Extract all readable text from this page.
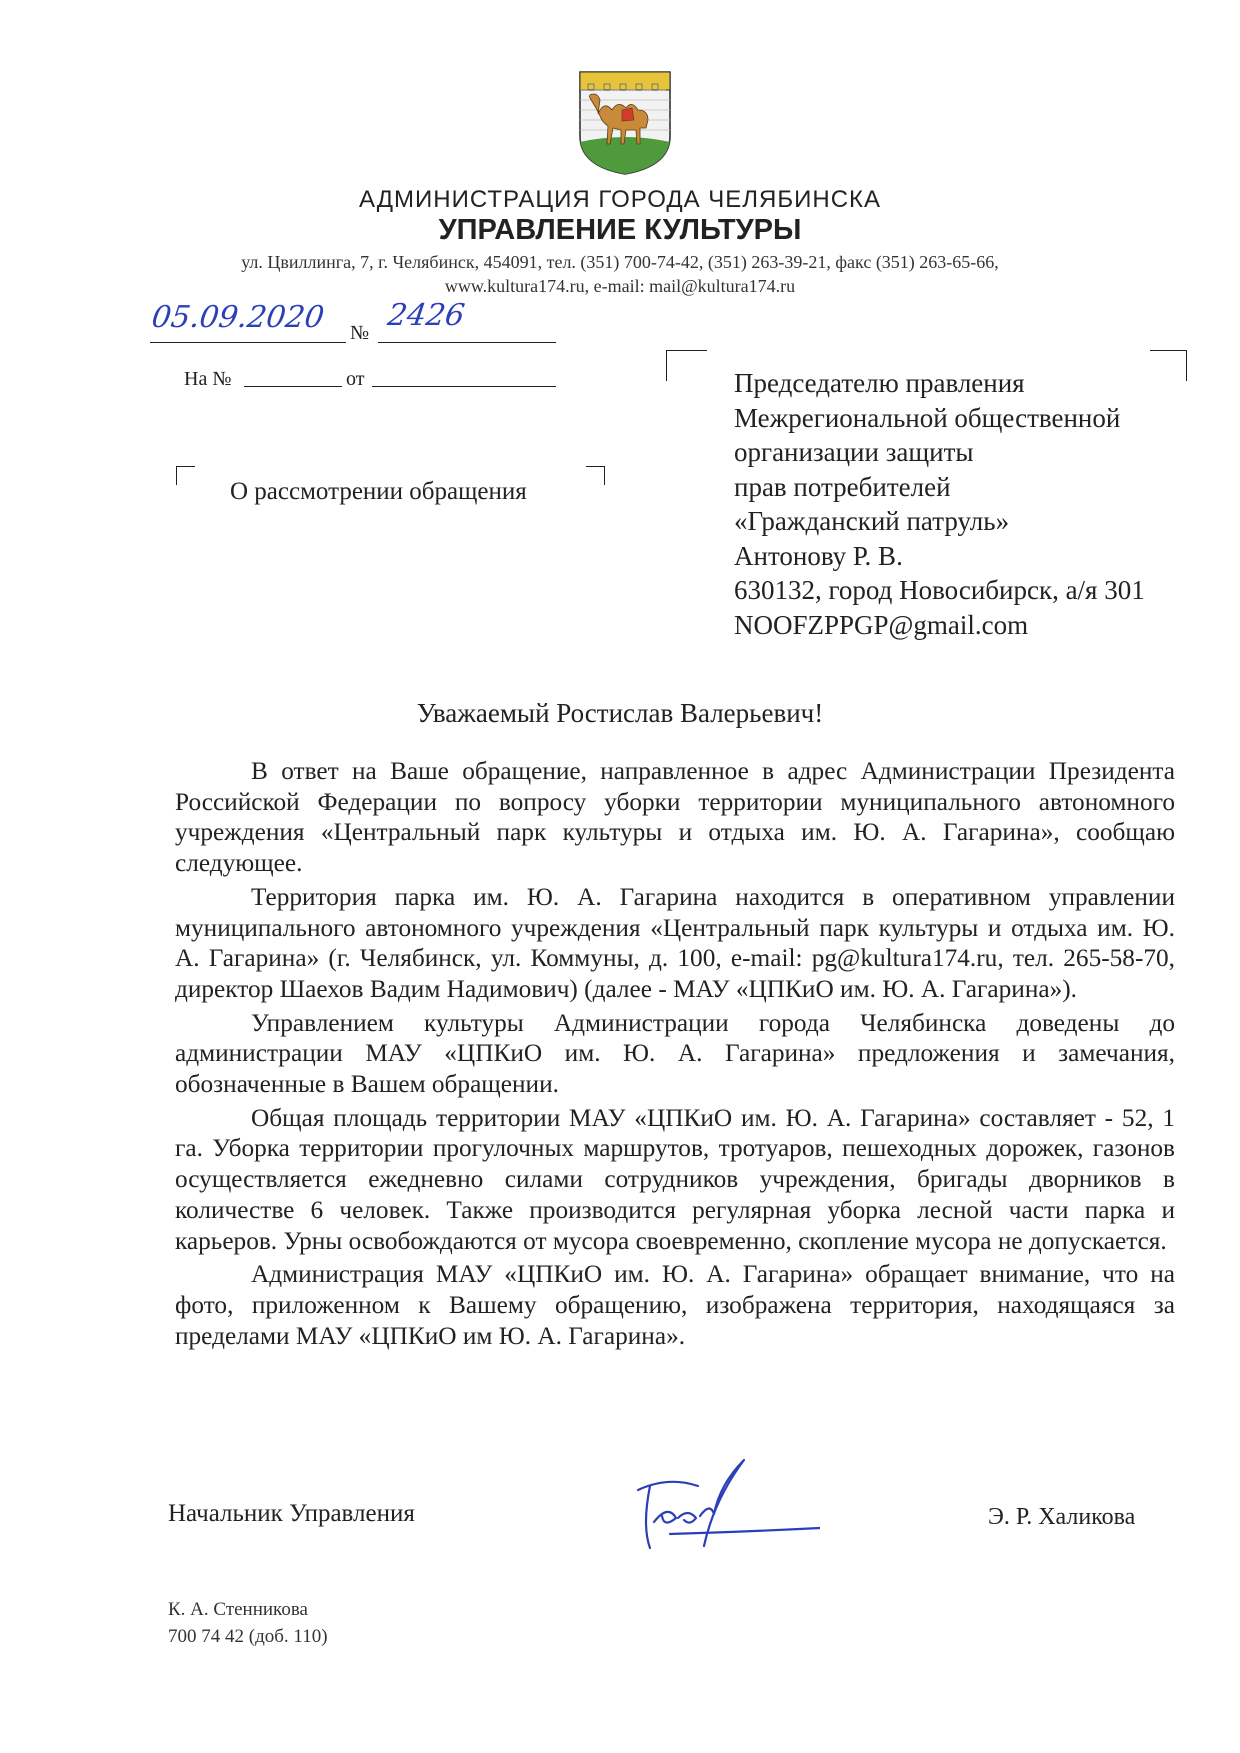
АДМИНИСТРАЦИЯ ГОРОДА ЧЕЛЯБИНСКА
УПРАВЛЕНИЕ КУЛЬТУРЫ
ул. Цвиллинга, 7, г. Челябинск, 454091, тел. (351) 700-74-42, (351) 263-39-21, факс (351) 263-65-66,
www.kultura174.ru, e-mail: mail@kultura174.ru
05.09.2020 № 2426
На №	от
О рассмотрении обращения
Председателю правления
Межрегиональной общественной
организации защиты
прав потребителей
«Гражданский патруль»
Антонову Р. В.
630132, город Новосибирск, а/я 301
NOOFZPPGP@gmail.com
Уважаемый Ростислав Валерьевич!

В ответ на Ваше обращение, направленное в адрес Администрации Президента Российской Федерации по вопросу уборки территории муниципального автономного учреждения «Центральный парк культуры и отдыха им. Ю. А. Гагарина», сообщаю следующее.

Территория парка им. Ю. А. Гагарина находится в оперативном управлении муниципального автономного учреждения «Центральный парк культуры и отдыха им. Ю. А. Гагарина» (г. Челябинск, ул. Коммуны, д. 100, e-mail: pg@kultura174.ru, тел. 265-58-70, директор Шаехов Вадим Надимович) (далее - МАУ «ЦПКиО им. Ю. А. Гагарина»).

Управлением культуры Администрации города Челябинска доведены до администрации МАУ «ЦПКиО им. Ю. А. Гагарина» предложения и замечания, обозначенные в Вашем обращении.

Общая площадь территории МАУ «ЦПКиО им. Ю. А. Гагарина» составляет - 52, 1 га. Уборка территории прогулочных маршрутов, тротуаров, пешеходных дорожек, газонов осуществляется ежедневно силами сотрудников учреждения, бригады дворников в количестве 6 человек. Также производится регулярная уборка лесной части парка и карьеров. Урны освобождаются от мусора своевременно, скопление мусора не допускается.

Администрация МАУ «ЦПКиО им. Ю. А. Гагарина» обращает внимание, что на фото, приложенном к Вашему обращению, изображена территория, находящаяся за пределами МАУ «ЦПКиО им Ю. А. Гагарина».

Начальник Управления	Э. Р. Халикова
К. А. Стенникова
700 74 42 (доб. 110)
